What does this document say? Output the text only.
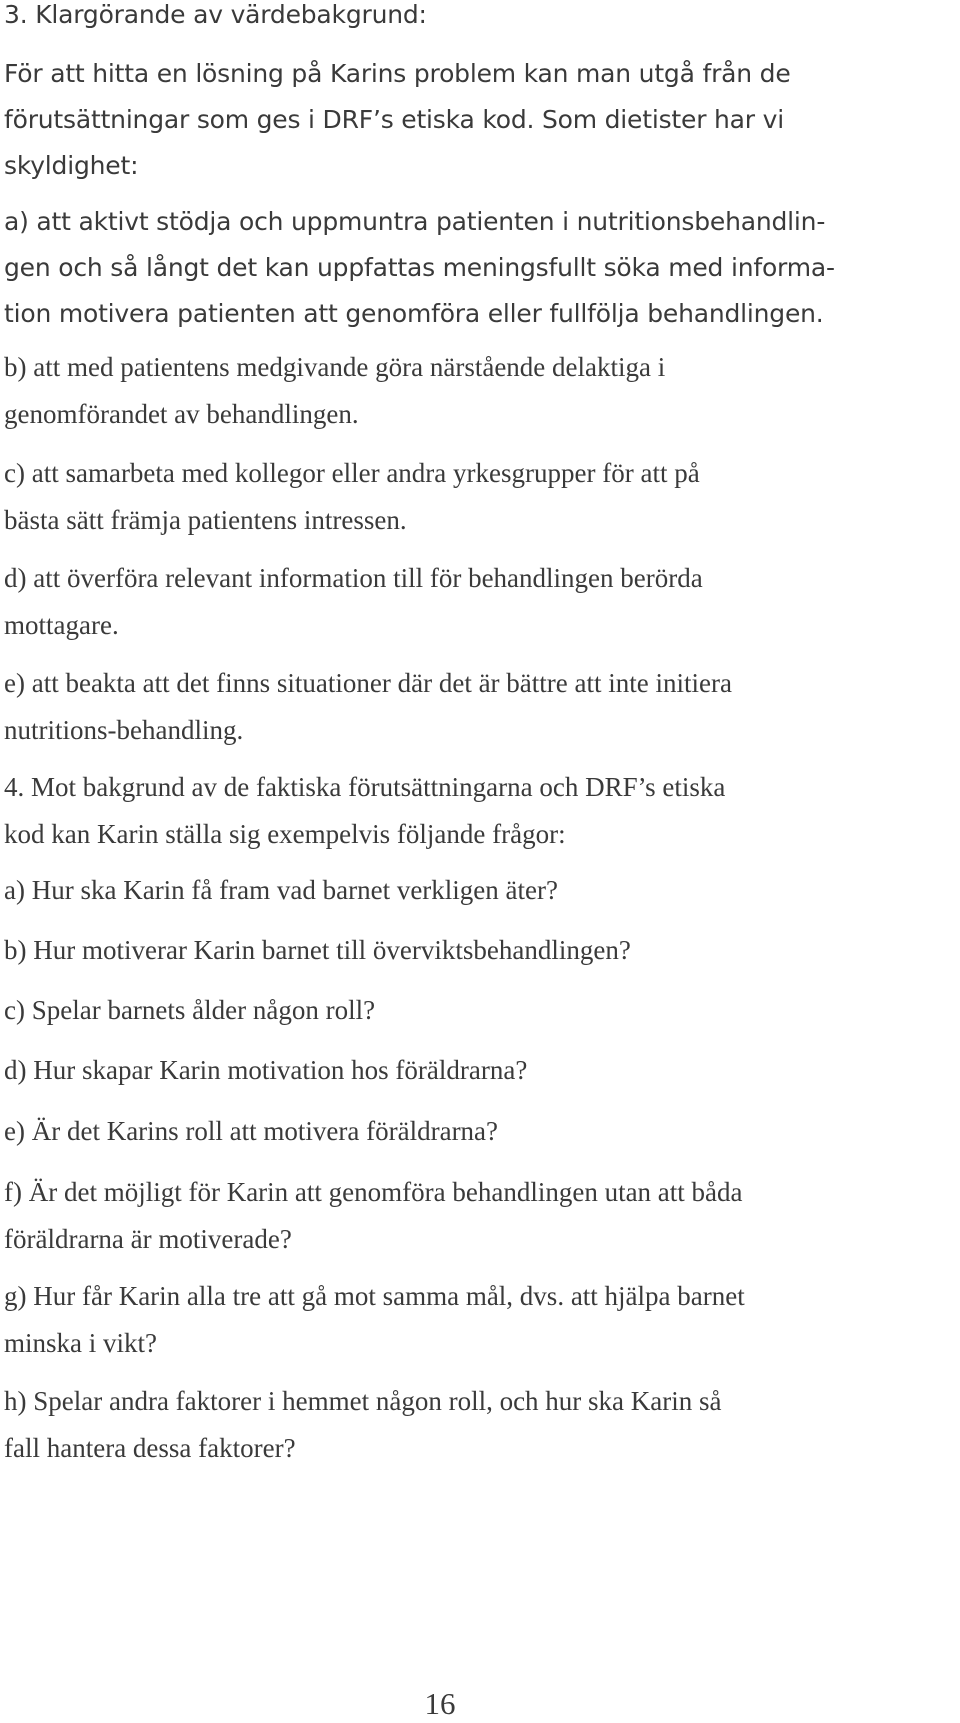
3. Klargörande av värdebakgrund:

För att hitta en lösning på Karins problem kan man utgå från de
förutsättningar som ges i DRF’s etiska kod. Som dietister har vi
skyldighet:

a) att aktivt stödja och uppmuntra patienten i nutritionsbehandlin-
gen och så långt det kan uppfattas meningsfullt söka med informa-
tion motivera patienten att genomföra eller fullfölja behandlingen.

b) att med patientens medgivande göra närstående delaktiga i
genomförandet av behandlingen.

c) att samarbeta med kollegor eller andra yrkesgrupper för att på
bästa sätt främja patientens intressen.

d) att överföra relevant information till för behandlingen berörda
mottagare.

e) att beakta att det finns situationer där det är bättre att inte initiera
nutritions-behandling.

4. Mot bakgrund av de faktiska förutsättningarna och DRF’s etiska
kod kan Karin ställa sig exempelvis följande frågor:

a) Hur ska Karin få fram vad barnet verkligen äter?

b) Hur motiverar Karin barnet till överviktsbehandlingen?

c) Spelar barnets ålder någon roll?

d) Hur skapar Karin motivation hos föräldrarna?

e) Är det Karins roll att motivera föräldrarna?

f) Är det möjligt för Karin att genomföra behandlingen utan att båda
föräldrarna är motiverade?

g) Hur får Karin alla tre att gå mot samma mål, dvs. att hjälpa barnet
minska i vikt?

h) Spelar andra faktorer i hemmet någon roll, och hur ska Karin så
fall hantera dessa faktorer?

16
